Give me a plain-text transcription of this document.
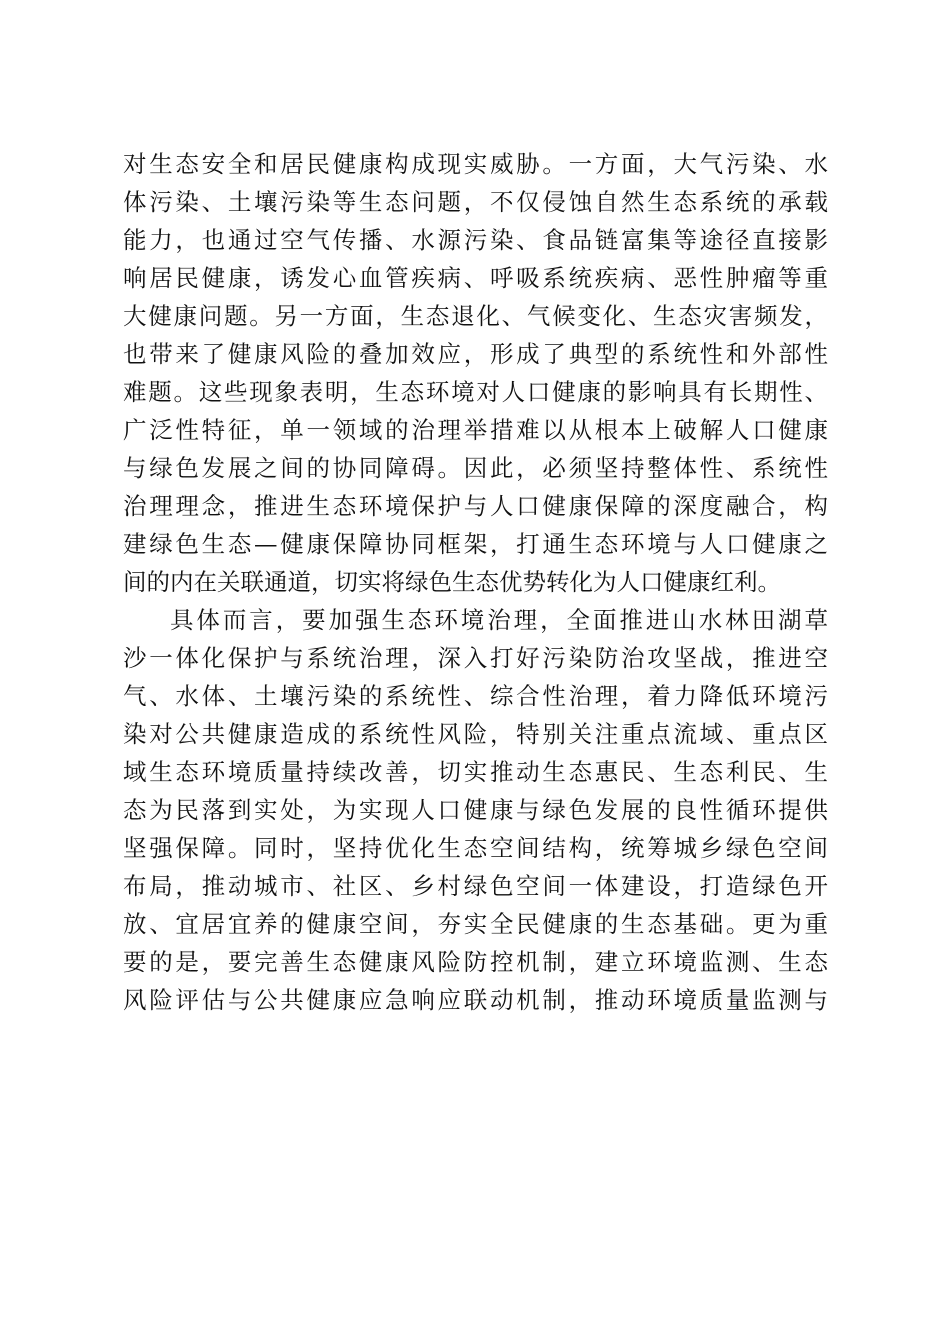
对生态安全和居民健康构成现实威胁。一方面，大气污染、水
体污染、土壤污染等生态问题，不仅侵蚀自然生态系统的承载
能力，也通过空气传播、水源污染、食品链富集等途径直接影
响居民健康，诱发心血管疾病、呼吸系统疾病、恶性肿瘤等重
大健康问题。另一方面，生态退化、气候变化、生态灾害频发，
也带来了健康风险的叠加效应，形成了典型的系统性和外部性
难题。这些现象表明，生态环境对人口健康的影响具有长期性、
广泛性特征，单一领域的治理举措难以从根本上破解人口健康
与绿色发展之间的协同障碍。因此，必须坚持整体性、系统性
治理理念，推进生态环境保护与人口健康保障的深度融合，构
建绿色生态—健康保障协同框架，打通生态环境与人口健康之
间的内在关联通道，切实将绿色生态优势转化为人口健康红利。
具体而言，要加强生态环境治理，全面推进山水林田湖草
沙一体化保护与系统治理，深入打好污染防治攻坚战，推进空
气、水体、土壤污染的系统性、综合性治理，着力降低环境污
染对公共健康造成的系统性风险，特别关注重点流域、重点区
域生态环境质量持续改善，切实推动生态惠民、生态利民、生
态为民落到实处，为实现人口健康与绿色发展的良性循环提供
坚强保障。同时，坚持优化生态空间结构，统筹城乡绿色空间
布局，推动城市、社区、乡村绿色空间一体建设，打造绿色开
放、宜居宜养的健康空间，夯实全民健康的生态基础。更为重
要的是，要完善生态健康风险防控机制，建立环境监测、生态
风险评估与公共健康应急响应联动机制，推动环境质量监测与
